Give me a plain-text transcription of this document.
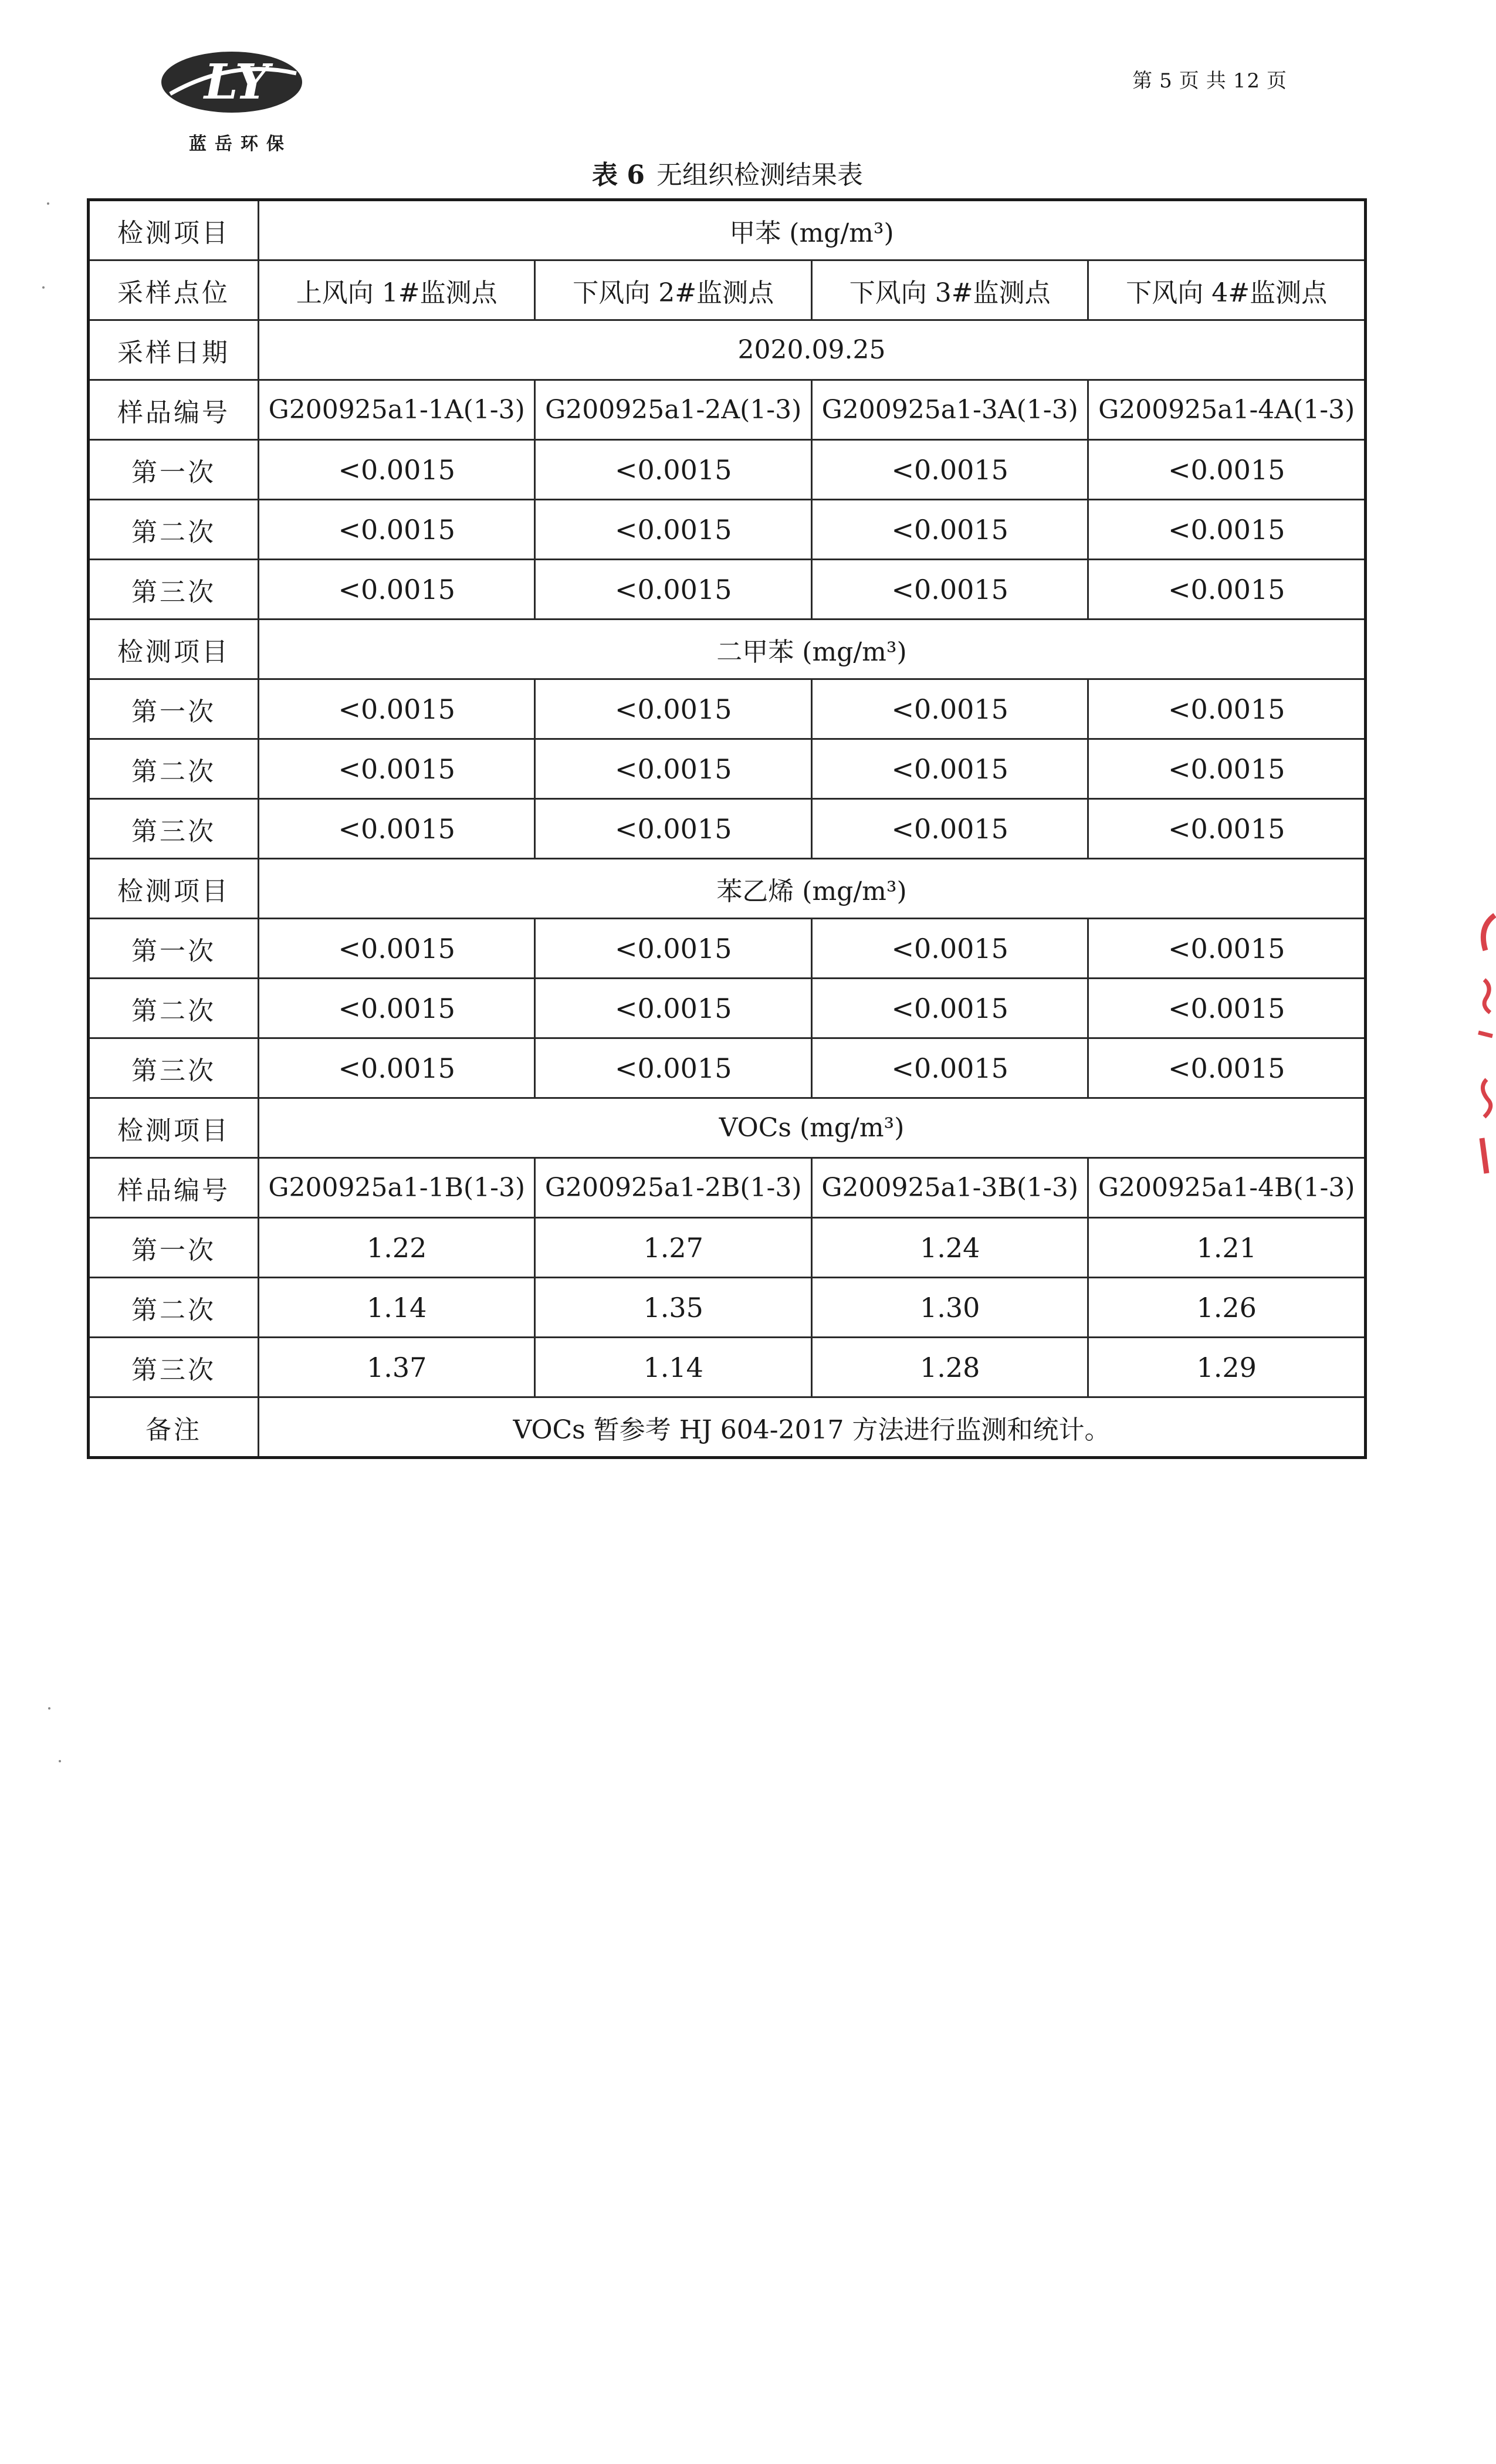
LY
蓝岳环保
第 5 页 共 12 页
表 6 无组织检测结果表
检测项目	甲苯 (mg/m³)			
采样点位	上风向 1#监测点	下风向 2#监测点	下风向 3#监测点	下风向 4#监测点
采样日期	2020.09.25			
样品编号	G200925a1-1A(1-3)	G200925a1-2A(1-3)	G200925a1-3A(1-3)	G200925a1-4A(1-3)
第一次	<0.0015	<0.0015	<0.0015	<0.0015
第二次	<0.0015	<0.0015	<0.0015	<0.0015
第三次	<0.0015	<0.0015	<0.0015	<0.0015
检测项目	二甲苯 (mg/m³)			
第一次	<0.0015	<0.0015	<0.0015	<0.0015
第二次	<0.0015	<0.0015	<0.0015	<0.0015
第三次	<0.0015	<0.0015	<0.0015	<0.0015
检测项目	苯乙烯 (mg/m³)			
第一次	<0.0015	<0.0015	<0.0015	<0.0015
第二次	<0.0015	<0.0015	<0.0015	<0.0015
第三次	<0.0015	<0.0015	<0.0015	<0.0015
检测项目	VOCs (mg/m³)			
样品编号	G200925a1-1B(1-3)	G200925a1-2B(1-3)	G200925a1-3B(1-3)	G200925a1-4B(1-3)
第一次	1.22	1.27	1.24	1.21
第二次	1.14	1.35	1.30	1.26
第三次	1.37	1.14	1.28	1.29
备注	VOCs 暂参考 HJ 604-2017 方法进行监测和统计。			
